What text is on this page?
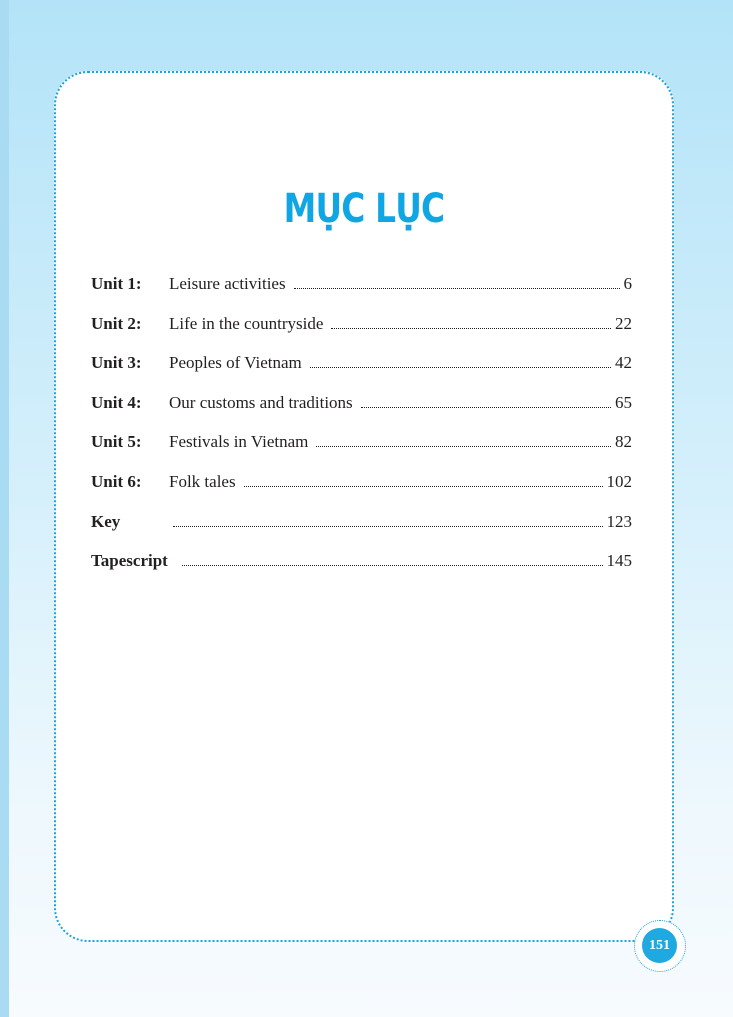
MỤC LỤC
Unit 1:	Leisure activities	6
Unit 2:	Life in the countryside	22
Unit 3:	Peoples of Vietnam	42
Unit 4:	Our customs and traditions	65
Unit 5:	Festivals in Vietnam	82
Unit 6:	Folk tales	102
Key	123
Tapescript	145
151
